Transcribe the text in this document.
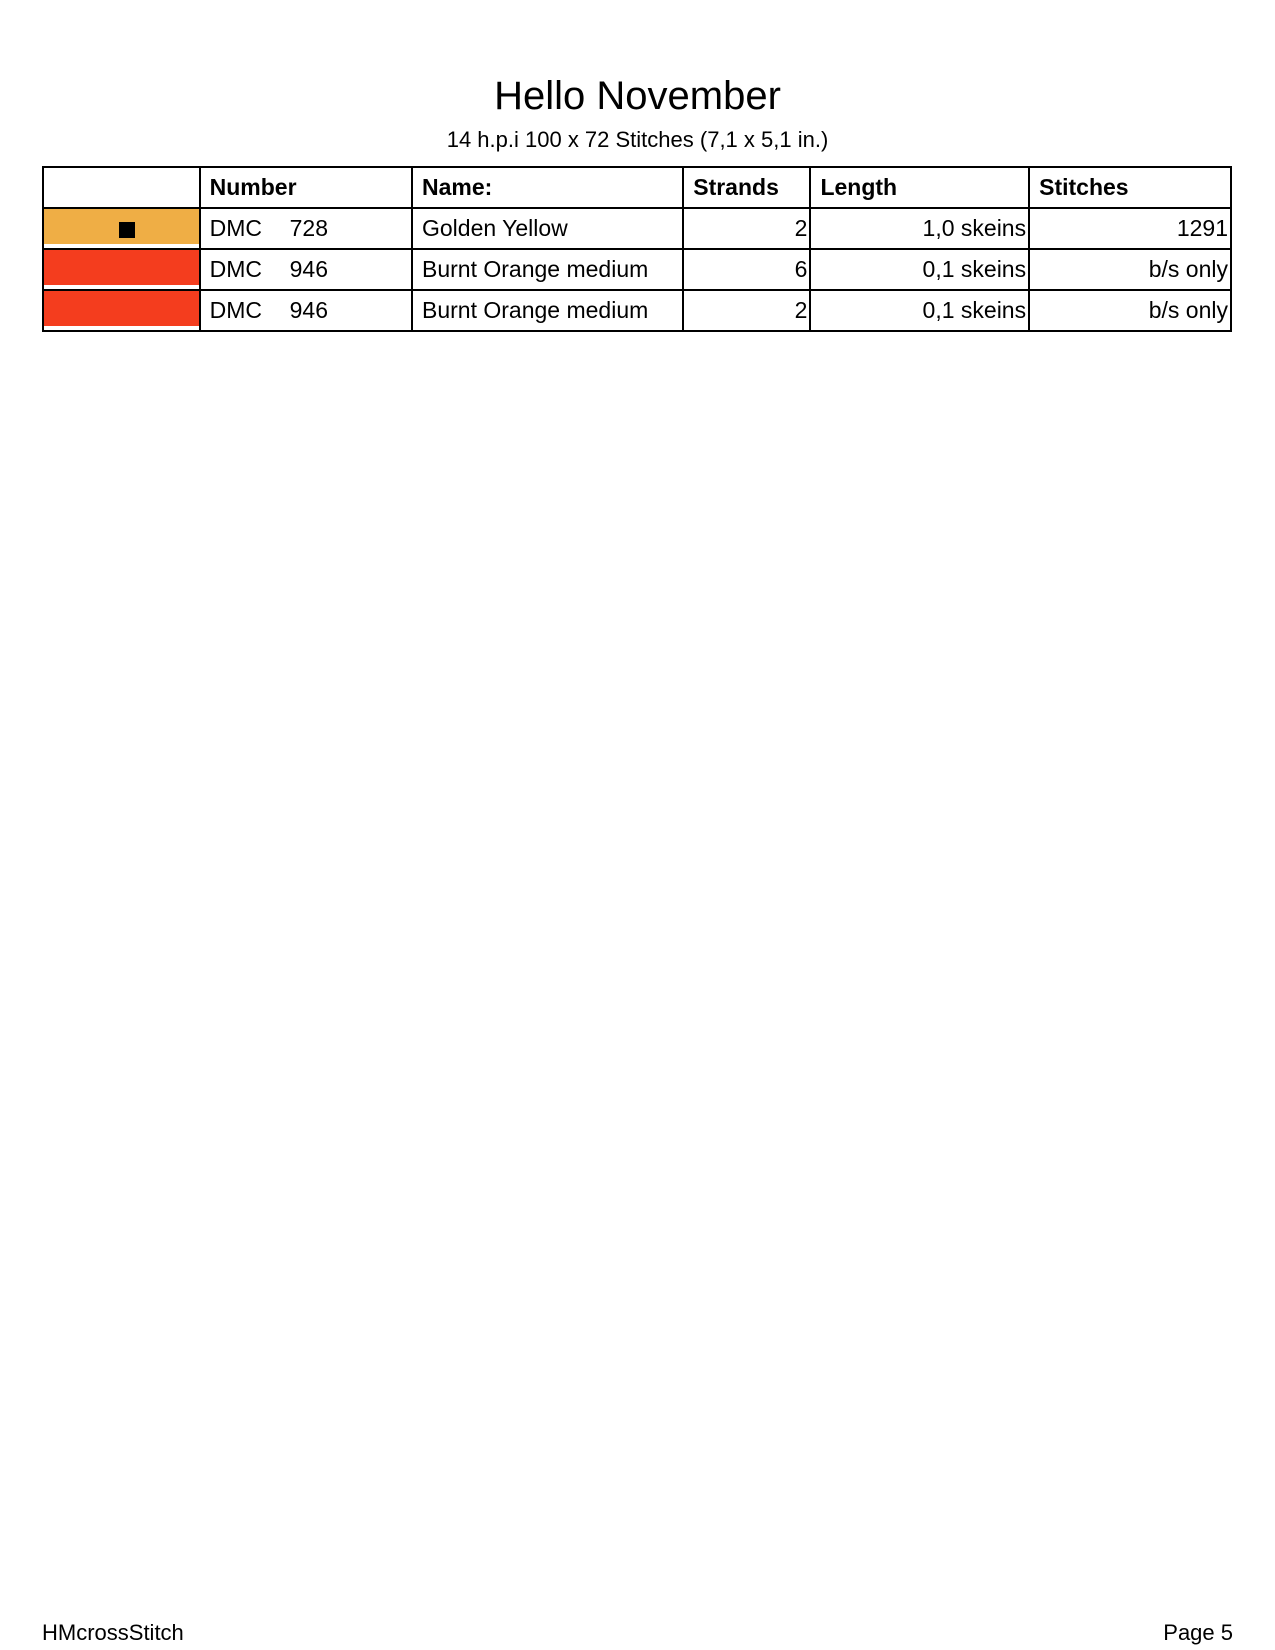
Hello November
14 h.p.i 100 x 72 Stitches (7,1 x 5,1 in.)
	Number	Name:	Strands	Length	Stitches

	DMC 728	Golden Yellow	2	1,0 skeins	1291

	DMC 946	Burnt Orange medium	6	0,1 skeins	b/s only

	DMC 946	Burnt Orange medium	2	0,1 skeins	b/s only
HMcrossStitch	Page 5
